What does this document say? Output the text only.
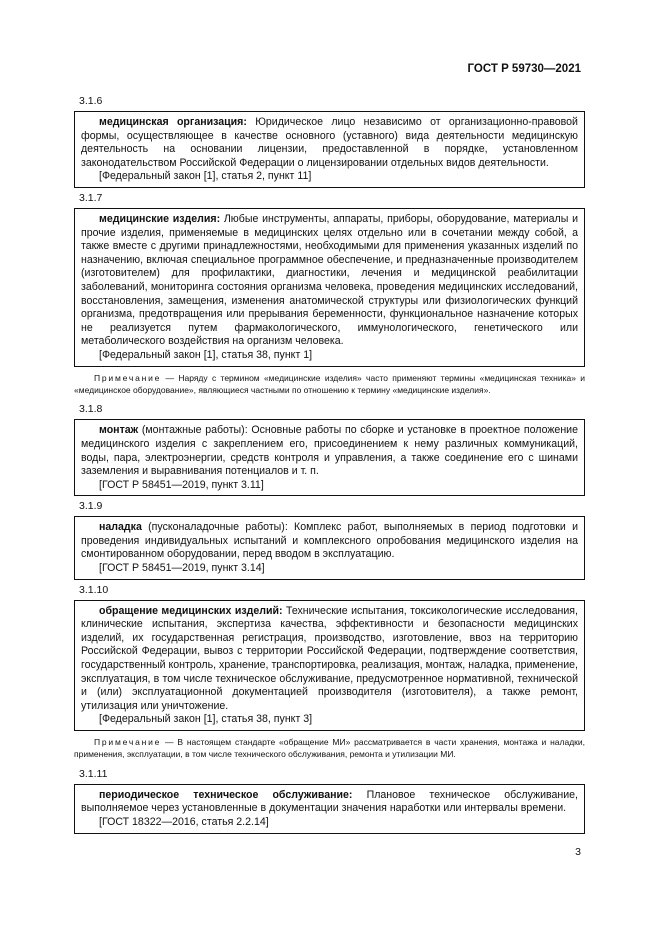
ГОСТ Р 59730—2021
3.1.6

медицинская организация: Юридическое лицо независимо от организационно-правовой формы, осуществляющее в качестве основного (уставного) вида деятельности медицинскую деятельность на основании лицензии, предоставленной в порядке, установленном законодательством Российской Федерации о лицензировании отдельных видов деятельности.

[Федеральный закон [1], статья 2, пункт 11]

3.1.7

медицинские изделия: Любые инструменты, аппараты, приборы, оборудование, материалы и прочие изделия, применяемые в медицинских целях отдельно или в сочетании между собой, а также вместе с другими принадлежностями, необходимыми для применения указанных изделий по назначению, включая специальное программное обеспечение, и предназначенные производителем (изготовителем) для профилактики, диагностики, лечения и медицинской реабилитации заболеваний, мониторинга состояния организма человека, проведения медицинских исследований, восстановления, замещения, изменения анатомической структуры или физиологических функций организма, предотвращения или прерывания беременности, функциональное назначение которых не реализуется путем фармакологического, иммунологического, генетического или метаболического воздействия на организм человека.

[Федеральный закон [1], статья 38, пункт 1]

Примечание — Наряду с термином «медицинские изделия» часто применяют термины «медицинская техника» и «медицинское оборудование», являющиеся частными по отношению к термину «медицинские изделия».

3.1.8

монтаж (монтажные работы): Основные работы по сборке и установке в проектное положение медицинского изделия с закреплением его, присоединением к нему различных коммуникаций, воды, пара, электроэнергии, средств контроля и управления, а также соединение его с шинами заземления и выравнивания потенциалов и т. п.

[ГОСТ Р 58451—2019, пункт 3.11]

3.1.9

наладка (пусконаладочные работы): Комплекс работ, выполняемых в период подготовки и проведения индивидуальных испытаний и комплексного опробования медицинского изделия на смонтированном оборудовании, перед вводом в эксплуатацию.

[ГОСТ Р 58451—2019, пункт 3.14]

3.1.10

обращение медицинских изделий: Технические испытания, токсикологические исследования, клинические испытания, экспертиза качества, эффективности и безопасности медицинских изделий, их государственная регистрация, производство, изготовление, ввоз на территорию Российской Федерации, вывоз с территории Российской Федерации, подтверждение соответствия, государственный контроль, хранение, транспортировка, реализация, монтаж, наладка, применение, эксплуатация, в том числе техническое обслуживание, предусмотренное нормативной, технической и (или) эксплуатационной документацией производителя (изготовителя), а также ремонт, утилизация или уничтожение.

[Федеральный закон [1], статья 38, пункт 3]

Примечание — В настоящем стандарте «обращение МИ» рассматривается в части хранения, монтажа и наладки, применения, эксплуатации, в том числе технического обслуживания, ремонта и утилизации МИ.

3.1.11

периодическое техническое обслуживание: Плановое техническое обслуживание, выполняемое через установленные в документации значения наработки или интервалы времени.

[ГОСТ 18322—2016, статья 2.2.14]

3
